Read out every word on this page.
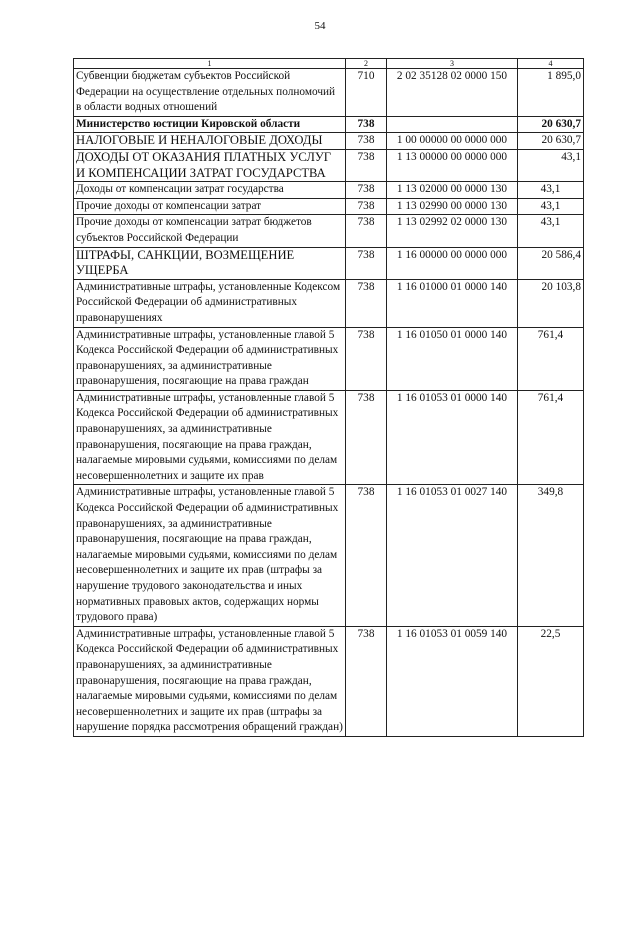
54
1	2	3	4
Субвенции бюджетам субъектов Российской Федерации на осуществление отдельных полномочий в области водных отношений	710	2 02 35128 02 0000 150	1 895,0
Министерство юстиции Кировской области	738		20 630,7
НАЛОГОВЫЕ И НЕНАЛОГОВЫЕ ДОХОДЫ	738	1 00 00000 00 0000 000	20 630,7
ДОХОДЫ ОТ ОКАЗАНИЯ ПЛАТНЫХ УСЛУГ И КОМПЕНСАЦИИ ЗАТРАТ ГОСУДАРСТВА	738	1 13 00000 00 0000 000	43,1
Доходы от компенсации затрат государства	738	1 13 02000 00 0000 130	43,1
Прочие доходы от компенсации затрат	738	1 13 02990 00 0000 130	43,1
Прочие доходы от компенсации затрат бюджетов субъектов Российской Федерации	738	1 13 02992 02 0000 130	43,1
ШТРАФЫ, САНКЦИИ, ВОЗМЕЩЕНИЕ УЩЕРБА	738	1 16 00000 00 0000 000	20 586,4
Административные штрафы, установленные Кодексом Российской Федерации об административных правонарушениях	738	1 16 01000 01 0000 140	20 103,8
Административные штрафы, установленные главой 5 Кодекса Российской Федерации об административных правонарушениях, за административные правонарушения, посягающие на права граждан	738	1 16 01050 01 0000 140	761,4
Административные штрафы, установленные главой 5 Кодекса Российской Федерации об административных правонарушениях, за административные правонарушения, посягающие на права граждан, налагаемые мировыми судьями, комиссиями по делам несовершеннолетних и защите их прав	738	1 16 01053 01 0000 140	761,4
Административные штрафы, установленные главой 5 Кодекса Российской Федерации об административных правонарушениях, за административные правонарушения, посягающие на права граждан, налагаемые мировыми судьями, комиссиями по делам несовершеннолетних и защите их прав (штрафы за нарушение трудового законодательства и иных нормативных правовых актов, содержащих нормы трудового права)	738	1 16 01053 01 0027 140	349,8
Административные штрафы, установленные главой 5 Кодекса Российской Федерации об административных правонарушениях, за административные правонарушения, посягающие на права граждан, налагаемые мировыми судьями, комиссиями по делам несовершеннолетних и защите их прав (штрафы за нарушение порядка рассмотрения обращений граждан)	738	1 16 01053 01 0059 140	22,5
